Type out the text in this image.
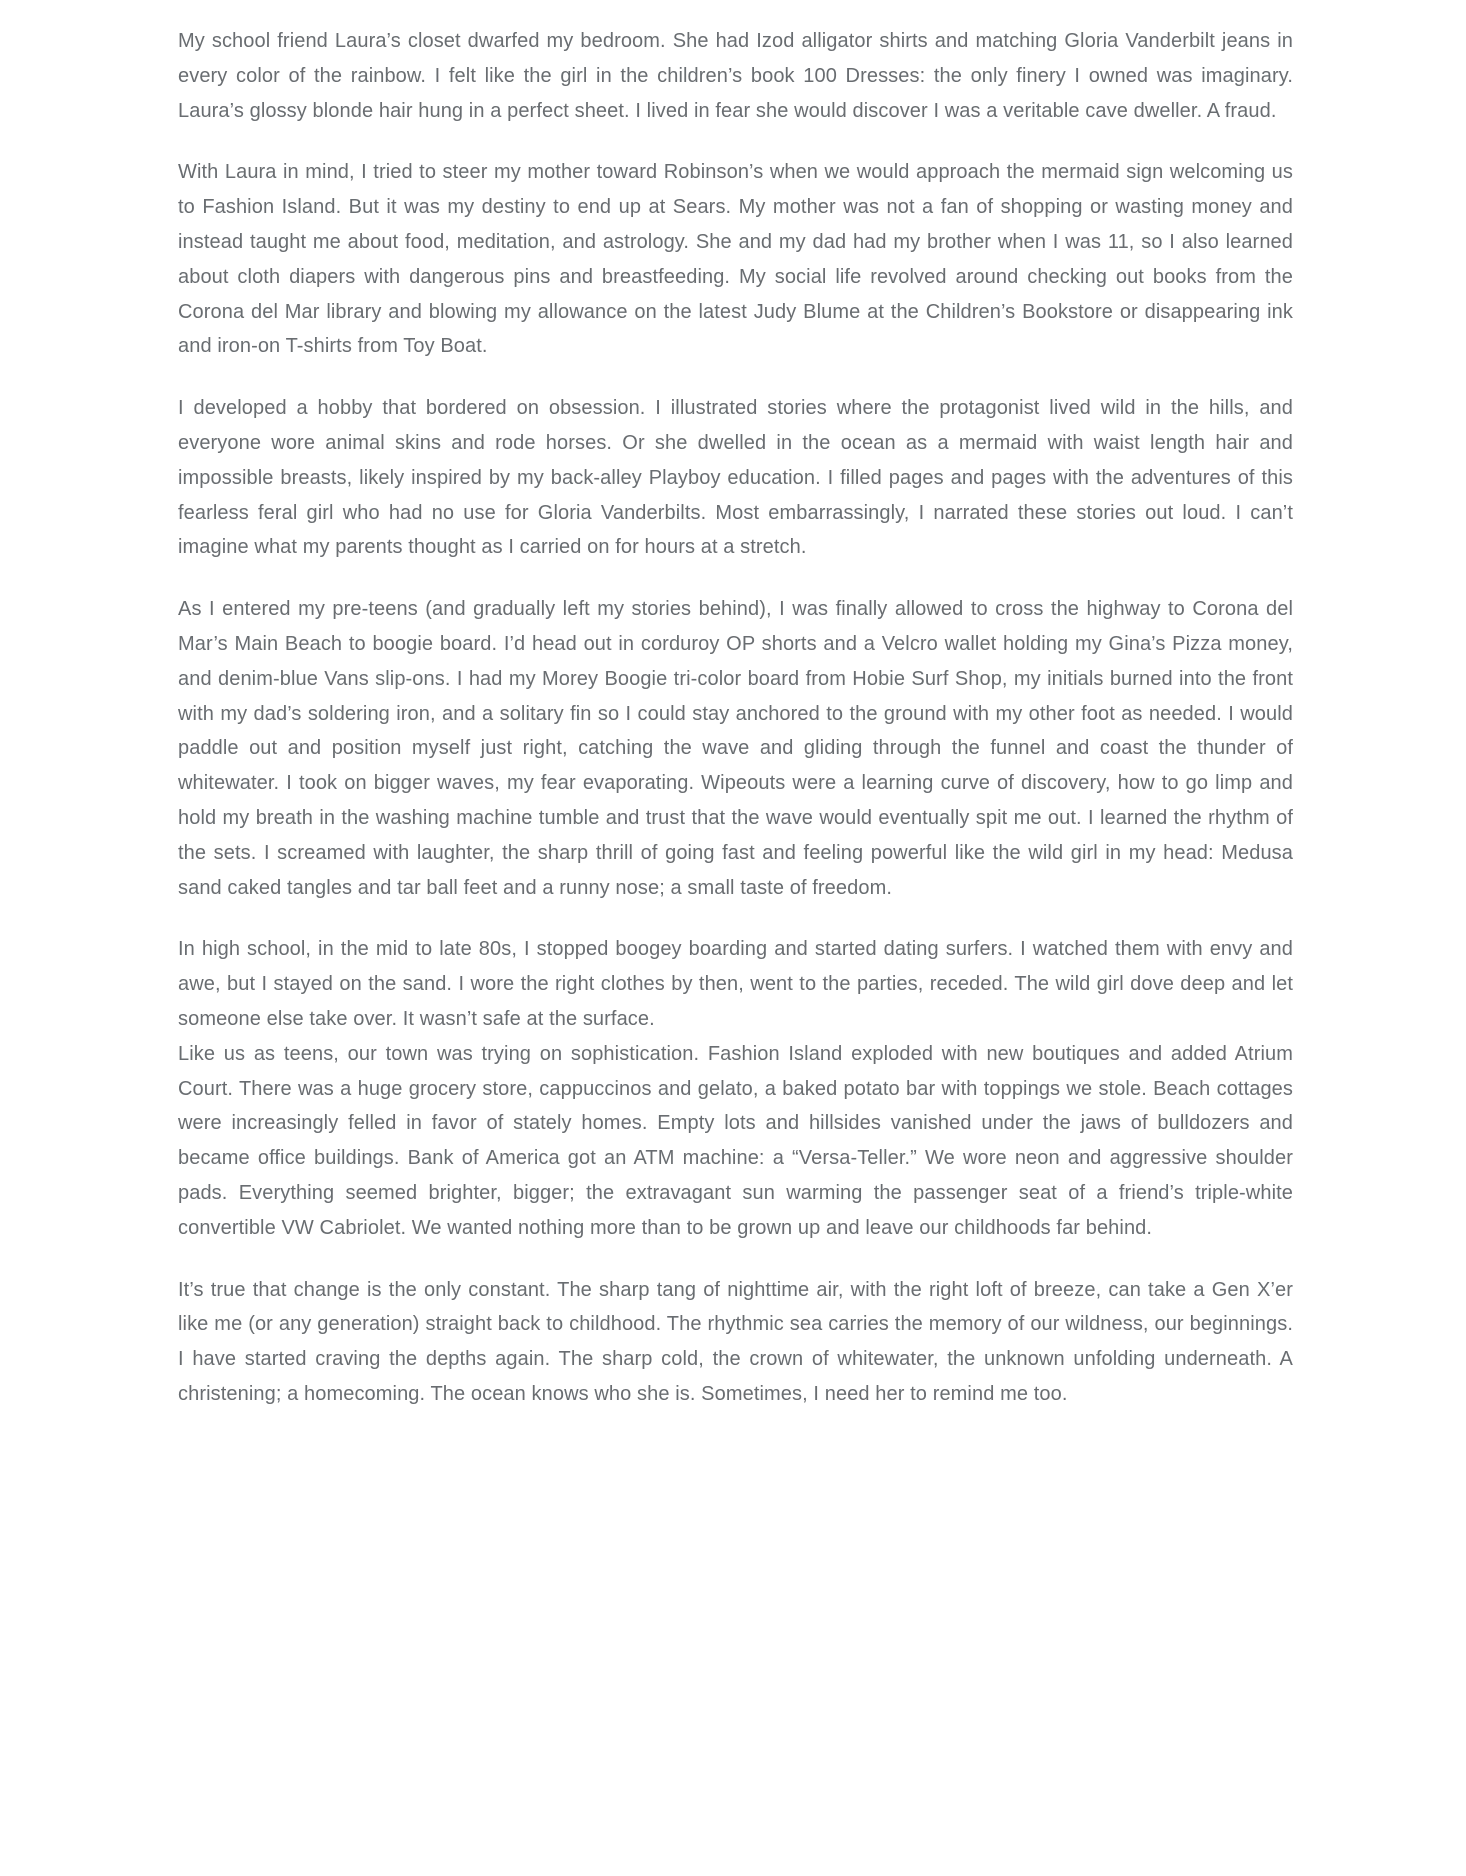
My school friend Laura’s closet dwarfed my bedroom. She had Izod alligator shirts and matching Gloria Vanderbilt jeans in every color of the rainbow. I felt like the girl in the children’s book 100 Dresses: the only finery I owned was imaginary. Laura’s glossy blonde hair hung in a perfect sheet. I lived in fear she would discover I was a veritable cave dweller. A fraud.

With Laura in mind, I tried to steer my mother toward Robinson’s when we would approach the mermaid sign welcoming us to Fashion Island. But it was my destiny to end up at Sears. My mother was not a fan of shopping or wasting money and instead taught me about food, meditation, and astrology. She and my dad had my brother when I was 11, so I also learned about cloth diapers with dangerous pins and breastfeeding. My social life revolved around checking out books from the Corona del Mar library and blowing my allowance on the latest Judy Blume at the Children’s Bookstore or disappearing ink and iron-on T-shirts from Toy Boat.

I developed a hobby that bordered on obsession. I illustrated stories where the protagonist lived wild in the hills, and everyone wore animal skins and rode horses. Or she dwelled in the ocean as a mermaid with waist length hair and impossible breasts, likely inspired by my back-alley Playboy education. I filled pages and pages with the adventures of this fearless feral girl who had no use for Gloria Vanderbilts. Most embarrassingly, I narrated these stories out loud. I can’t imagine what my parents thought as I carried on for hours at a stretch.

As I entered my pre-teens (and gradually left my stories behind), I was finally allowed to cross the highway to Corona del Mar’s Main Beach to boogie board. I’d head out in corduroy OP shorts and a Velcro wallet holding my Gina’s Pizza money, and denim-blue Vans slip-ons. I had my Morey Boogie tri-color board from Hobie Surf Shop, my initials burned into the front with my dad’s soldering iron, and a solitary fin so I could stay anchored to the ground with my other foot as needed. I would paddle out and position myself just right, catching the wave and gliding through the funnel and coast the thunder of whitewater. I took on bigger waves, my fear evaporating. Wipeouts were a learning curve of discovery, how to go limp and hold my breath in the washing machine tumble and trust that the wave would eventually spit me out. I learned the rhythm of the sets. I screamed with laughter, the sharp thrill of going fast and feeling powerful like the wild girl in my head: Medusa sand caked tangles and tar ball feet and a runny nose; a small taste of freedom.

In high school, in the mid to late 80s, I stopped boogey boarding and started dating surfers. I watched them with envy and awe, but I stayed on the sand. I wore the right clothes by then, went to the parties, receded. The wild girl dove deep and let someone else take over. It wasn’t safe at the surface.

Like us as teens, our town was trying on sophistication. Fashion Island exploded with new boutiques and added Atrium Court. There was a huge grocery store, cappuccinos and gelato, a baked potato bar with toppings we stole. Beach cottages were increasingly felled in favor of stately homes. Empty lots and hillsides vanished under the jaws of bulldozers and became office buildings. Bank of America got an ATM machine: a “Versa-Teller.” We wore neon and aggressive shoulder pads. Everything seemed brighter, bigger; the extravagant sun warming the passenger seat of a friend’s triple-white convertible VW Cabriolet. We wanted nothing more than to be grown up and leave our childhoods far behind.

It’s true that change is the only constant. The sharp tang of nighttime air, with the right loft of breeze, can take a Gen X’er like me (or any generation) straight back to childhood. The rhythmic sea carries the memory of our wildness, our beginnings. I have started craving the depths again. The sharp cold, the crown of whitewater, the unknown unfolding underneath. A christening; a homecoming. The ocean knows who she is. Sometimes, I need her to remind me too.
